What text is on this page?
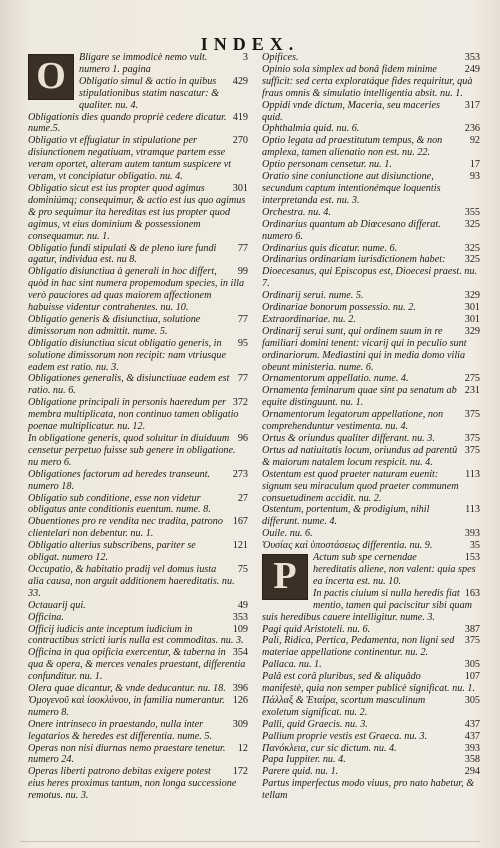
INDEX.
O	3
Bligare se immodicè nemo vult. numero 1. pagina

429
Obligatio simul & actio in quibus stipulationibus statim nascatur: & qualiter. nu. 4.

419
Obligationis dies quando propriè cedere dicatur. nume.5.

270
Obligatio vt effugiatur in stipulatione per disiunctionem negatiuam, vtramque partem esse veram oportet, alteram autem tantum suspicere vt veram, vt concipiatur obligatio. nu. 4.

301
Obligatio sicut est ius propter quod agimus dominiúmq; consequimur, & actio est ius quo agimus & pro sequimur ita hereditas est ius propter quod agimus, vt eius dominium & possessionem consequamur. nu. 1.

77
Obligatio fundi stipulati & de pleno iure fundi agatur, individua est. nu 8.

99
Obligatio disiunctiua à generali in hoc differt, quòd in hac sint numera propemodum species, in illa verò pauciores ad quas maiorem affectionem habuisse videntur contrahentes. nu. 10.

77
Obligatio generis & disiunctiua, solutione dimissorum non admittit. nume. 5.

95
Obligatio disiunctiua sicut obligatio generis, in solutione dimissorum non recipit: nam vtriusque eadem est ratio. nu. 3.

77
Obligationes generalis, & disiunctiuae eadem est ratio. nu. 6.

372
Obligatione principali in personis haeredum per membra multiplicata, non continuo tamen obligatio poenae multiplicatur. nu. 12.

96
In obligatione generis, quod soluitur in diuiduum censetur perpetuo fuisse sub genere in obligatione. nu mero 6.

273
Obligationes factorum ad heredes transeunt. numero 18.

27
Obligatio sub conditione, esse non videtur obligatus ante conditionis euentum. nume. 8.

167
Obuentiones pro re vendita nec tradita, patrono clientelari non debentur. nu. 1.

121
Obligatio alterius subscribens, pariter se obligat. numero 12.

75
Occupatio, & habitatio pradij vel domus iusta alia causa, non arguit additionem haereditatis. nu. 33.

49
Octauarij qui.

353
Officina.

109
Officij iudicis ante inceptum iudicium in contractibus stricti iuris nulla est commoditas. nu. 3.

354
Officina in qua opificia exercentur, & taberna in qua & opera, & merces venales praestant, differentia confunditur. nu. 1.

396
Olera quae dicantur, & vnde deducantur. nu. 18.

126
Ὀμογενοῦ καὶ ἰσοκλύνου, in familia numerantur. numero 8.

309
Onere intrinseco in praestando, nulla inter legatarios & heredes est differentia. nume. 5.

12
Operas non nisi diurnas nemo praestare tenetur. numero 24.

172
Operas liberti patrono debitas exigere potest eius heres proximus tantum, non longa successione remotus. nu. 3.

353
Opifices.

249
Opinio sola simplex ad bonâ fidem minime sufficit: sed certa exploratáque fides requiritur, quà fraus omnis & simulatio intelligentia absit. nu. 1.

317
Oppidi vnde dictum, Maceria, seu maceries quid.

236
Ophthalmia quid. nu. 6.

92
Optio legata ad praestitutum tempus, & non amplexa, tamen alienatio non est. nu. 22.

17
Optio personam censetur. nu. 1.

93
Oratio sine coniunctione aut disiunctione, secundum captum intentionémque loquentis interpretanda est. nu. 3.

355
Orchestra. nu. 4.

325
Ordinarius quantum ab Diœcesano differat. numero 6.

325
Ordinarius quis dicatur. nume. 6.

325
Ordinarius ordinariam iurisdictionem habet: Dioecesanus, qui Episcopus est, Dioecesi praest. nu. 7.

329
Ordinarij serui. nume. 5.

301
Ordinariae bonorum possessio. nu. 2.

301
Extraordinariae. nu. 2.

329
Ordinarij serui sunt, qui ordinem suum in re familiari domini tenent: vicarij qui in peculio sunt ordinariorum. Mediastini qui in media domo vilia obeunt ministeria. nume. 6.

275
Ornamentorum appellatio. nume. 4.

231
Ornamenta feminarum quae sint pa senatum ab equite distinguunt. nu. 1.

375
Ornamentorum legatorum appellatione, non comprehenduntur vestimenta. nu. 4.

375
Ortus & oriundus qualiter differant. nu. 3.

375
Ortus ad natiuitatis locum, oriundus ad parentû & maiorum natalem locum respicit. nu. 4.

113
Ostentum est quod praeter naturam euenit: signum seu miraculum quod praeter communem consuetudinem accidit. nu. 2.

113
Ostentum, portentum, & prodigium, nihil differunt. nume. 4.

393
Ouile. nu. 6.

35
Ὀυσίας καὶ ὑποστάσεως differentia. nu. 9.

P	153
Actum sub spe cernendae hereditatis aliene, non valent: quia spes ea incerta est. nu. 10.

163
In pactis ciuium si nulla heredis fiat mentio, tamen qui paciscitur sibi quam suis heredibus cauere intelligitur. nume. 3.

387
Pagi quid Aristoteli. nu. 6.

375
Pali, Ridica, Pertica, Pedamenta, non ligni sed materiae appellatione continentur. nu. 2.

305
Pallaca. nu. 1.

107
Palâ est corâ pluribus, sed & aliquâdo manifestè, quia non semper publicè significat. nu. 1.

305
Πάλλαξ & Ἑταίρα, scortum masculinum exoletum significat. nu. 2.

437
Palli, quid Graecis. nu. 3.

437
Pallium proprie vestis est Graeca. nu. 3.

393
Πανόκλεια, cur sic dictum. nu. 4.

358
Papa Iuppiter. nu. 4.

294
Parere quid. nu. 1.

Partus imperfectus modo viuus, pro nato habetur, & tellam
